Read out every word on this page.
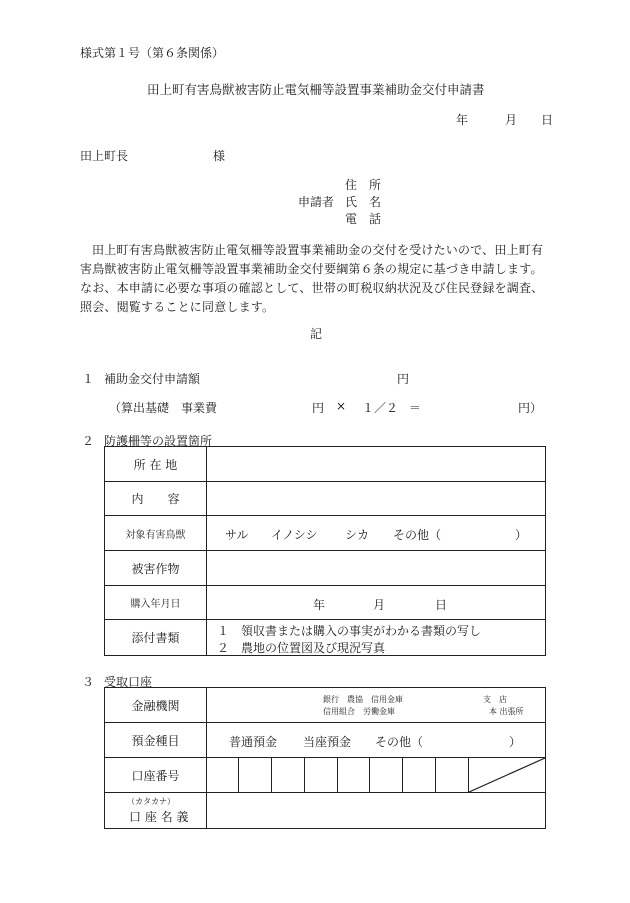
様式第１号（第６条関係）
田上町有害鳥獣被害防止電気柵等設置事業補助金交付申請書
年	月 日
田上町長	様
住　所
申請者 氏　名
電　話
田上町有害鳥獣被害防止電気柵等設置事業補助金の交付を受けたいので、田上町有害鳥獣被害防止電気柵等設置事業補助金交付要綱第６条の規定に基づき申請します。なお、本申請に必要な事項の確認として、世帯の町税収納状況及び住民登録を調査、照会、閲覧することに同意します。
記
１ 補助金交付申請額	円
（算出基礎　事業費	円 × １／２ ＝	円）
２ 防護柵等の設置箇所
所 在 地	
内　　容	
対象有害鳥獣	サル イノシシ シカ その他（ ）

被害作物	
購入年月日	年 月 日

添付書類	１　領収書または購入の事実がわかる書類の写し
２　農地の位置図及び現況写真
３ 受取口座
金融機関	銀行　農協　信用金庫
信用組合　労働金庫
支　店
本 出張所								

預金種目	普通預金 当座預金 その他（ ）								

口座番号									

（カタカナ）
口 座 名 義									
